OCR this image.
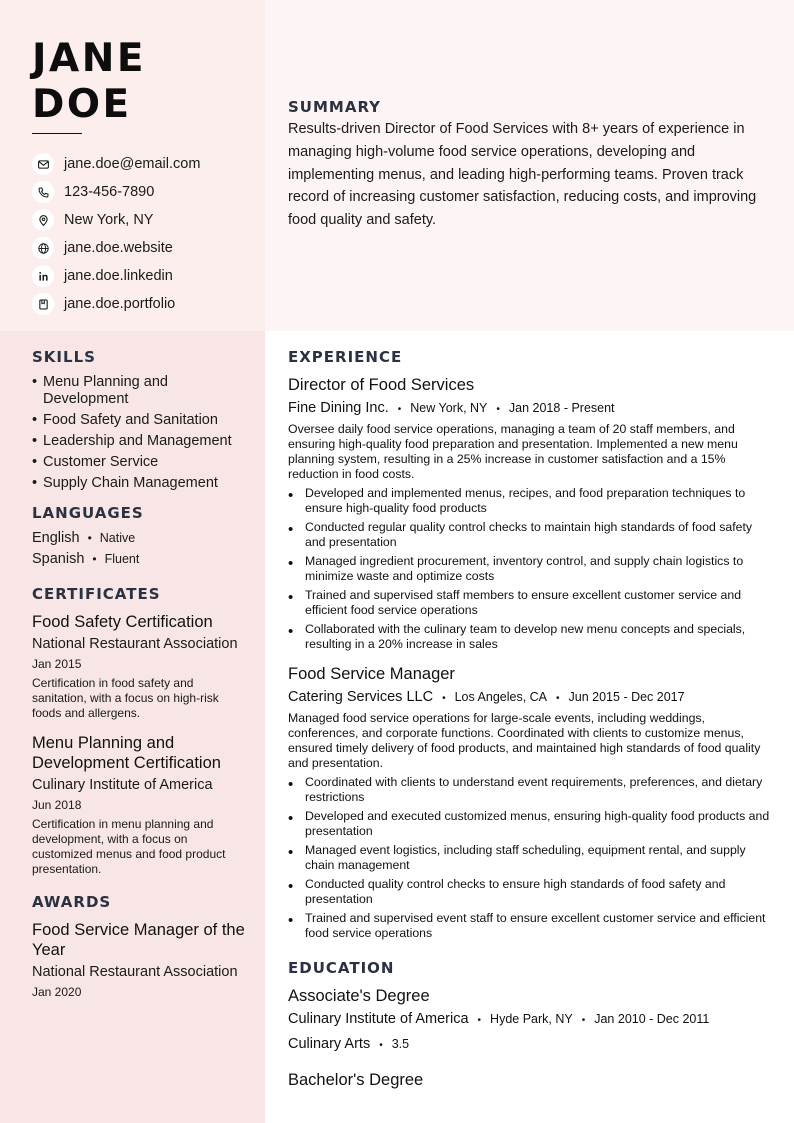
JANE
DOE
jane.doe@email.com
123-456-7890
New York, NY
jane.doe.website
jane.doe.linkedin
jane.doe.portfolio
SUMMARY
Results-driven Director of Food Services with 8+ years of experience in managing high-volume food service operations, developing and implementing menus, and leading high-performing teams. Proven track record of increasing customer satisfaction, reducing costs, and improving food quality and safety.
SKILLS
• Menu Planning and Development
• Food Safety and Sanitation
• Leadership and Management
• Customer Service
• Supply Chain Management
LANGUAGES
English • Native
Spanish • Fluent
CERTIFICATES
Food Safety Certification
National Restaurant Association
Jan 2015
Certification in food safety and sanitation, with a focus on high-risk foods and allergens.
Menu Planning and Development Certification
Culinary Institute of America
Jun 2018
Certification in menu planning and development, with a focus on customized menus and food product presentation.
AWARDS
Food Service Manager of the Year
National Restaurant Association
Jan 2020
EXPERIENCE
Director of Food Services
Fine Dining Inc. • New York, NY • Jan 2018 - Present
Oversee daily food service operations, managing a team of 20 staff members, and ensuring high-quality food preparation and presentation. Implemented a new menu planning system, resulting in a 25% increase in customer satisfaction and a 15% reduction in food costs.
• Developed and implemented menus, recipes, and food preparation techniques to ensure high-quality food products
• Conducted regular quality control checks to maintain high standards of food safety and presentation
• Managed ingredient procurement, inventory control, and supply chain logistics to minimize waste and optimize costs
• Trained and supervised staff members to ensure excellent customer service and efficient food service operations
• Collaborated with the culinary team to develop new menu concepts and specials, resulting in a 20% increase in sales
Food Service Manager
Catering Services LLC • Los Angeles, CA • Jun 2015 - Dec 2017
Managed food service operations for large-scale events, including weddings, conferences, and corporate functions. Coordinated with clients to customize menus, ensured timely delivery of food products, and maintained high standards of food quality and presentation.
• Coordinated with clients to understand event requirements, preferences, and dietary restrictions
• Developed and executed customized menus, ensuring high-quality food products and presentation
• Managed event logistics, including staff scheduling, equipment rental, and supply chain management
• Conducted quality control checks to ensure high standards of food safety and presentation
• Trained and supervised event staff to ensure excellent customer service and efficient food service operations
EDUCATION
Associate's Degree
Culinary Institute of America • Hyde Park, NY • Jan 2010 - Dec 2011
Culinary Arts • 3.5
Bachelor's Degree
